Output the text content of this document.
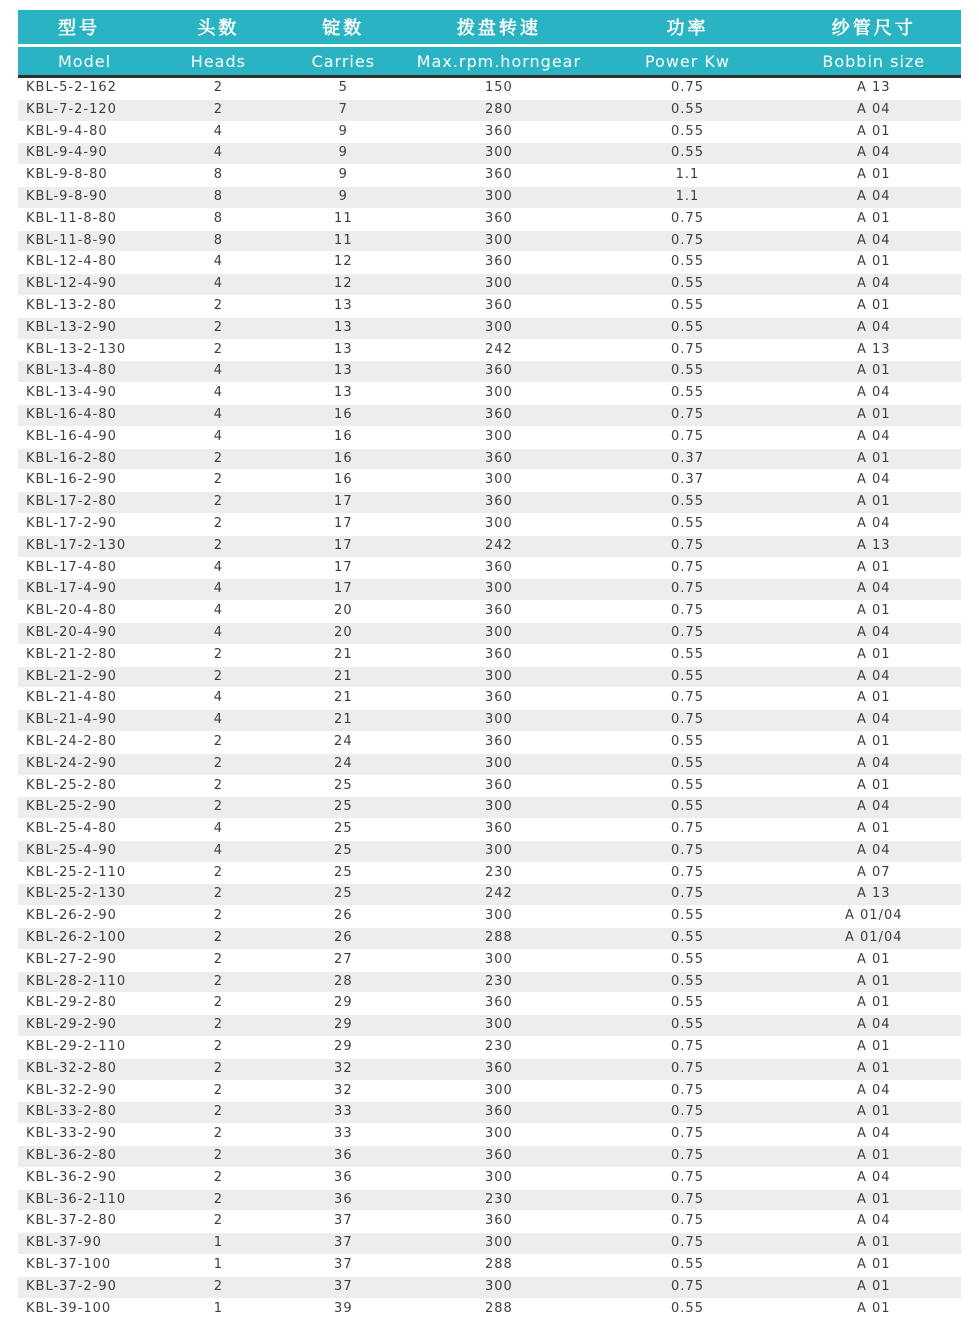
型号	头数	锭数	拨盘转速	功率	纱管尺寸
Model	Heads	Carries	Max.rpm.horngear	Power Kw	Bobbin size
KBL-5-2-162	2	5	150	0.75	A 13
KBL-7-2-120	2	7	280	0.55	A 04
KBL-9-4-80	4	9	360	0.55	A 01
KBL-9-4-90	4	9	300	0.55	A 04
KBL-9-8-80	8	9	360	1.1	A 01
KBL-9-8-90	8	9	300	1.1	A 04
KBL-11-8-80	8	11	360	0.75	A 01
KBL-11-8-90	8	11	300	0.75	A 04
KBL-12-4-80	4	12	360	0.55	A 01
KBL-12-4-90	4	12	300	0.55	A 04
KBL-13-2-80	2	13	360	0.55	A 01
KBL-13-2-90	2	13	300	0.55	A 04
KBL-13-2-130	2	13	242	0.75	A 13
KBL-13-4-80	4	13	360	0.55	A 01
KBL-13-4-90	4	13	300	0.55	A 04
KBL-16-4-80	4	16	360	0.75	A 01
KBL-16-4-90	4	16	300	0.75	A 04
KBL-16-2-80	2	16	360	0.37	A 01
KBL-16-2-90	2	16	300	0.37	A 04
KBL-17-2-80	2	17	360	0.55	A 01
KBL-17-2-90	2	17	300	0.55	A 04
KBL-17-2-130	2	17	242	0.75	A 13
KBL-17-4-80	4	17	360	0.75	A 01
KBL-17-4-90	4	17	300	0.75	A 04
KBL-20-4-80	4	20	360	0.75	A 01
KBL-20-4-90	4	20	300	0.75	A 04
KBL-21-2-80	2	21	360	0.55	A 01
KBL-21-2-90	2	21	300	0.55	A 04
KBL-21-4-80	4	21	360	0.75	A 01
KBL-21-4-90	4	21	300	0.75	A 04
KBL-24-2-80	2	24	360	0.55	A 01
KBL-24-2-90	2	24	300	0.55	A 04
KBL-25-2-80	2	25	360	0.55	A 01
KBL-25-2-90	2	25	300	0.55	A 04
KBL-25-4-80	4	25	360	0.75	A 01
KBL-25-4-90	4	25	300	0.75	A 04
KBL-25-2-110	2	25	230	0.75	A 07
KBL-25-2-130	2	25	242	0.75	A 13
KBL-26-2-90	2	26	300	0.55	A 01/04
KBL-26-2-100	2	26	288	0.55	A 01/04
KBL-27-2-90	2	27	300	0.55	A 01
KBL-28-2-110	2	28	230	0.55	A 01
KBL-29-2-80	2	29	360	0.55	A 01
KBL-29-2-90	2	29	300	0.55	A 04
KBL-29-2-110	2	29	230	0.75	A 01
KBL-32-2-80	2	32	360	0.75	A 01
KBL-32-2-90	2	32	300	0.75	A 04
KBL-33-2-80	2	33	360	0.75	A 01
KBL-33-2-90	2	33	300	0.75	A 04
KBL-36-2-80	2	36	360	0.75	A 01
KBL-36-2-90	2	36	300	0.75	A 04
KBL-36-2-110	2	36	230	0.75	A 01
KBL-37-2-80	2	37	360	0.75	A 04
KBL-37-90	1	37	300	0.75	A 01
KBL-37-100	1	37	288	0.55	A 01
KBL-37-2-90	2	37	300	0.75	A 01
KBL-39-100	1	39	288	0.55	A 01
